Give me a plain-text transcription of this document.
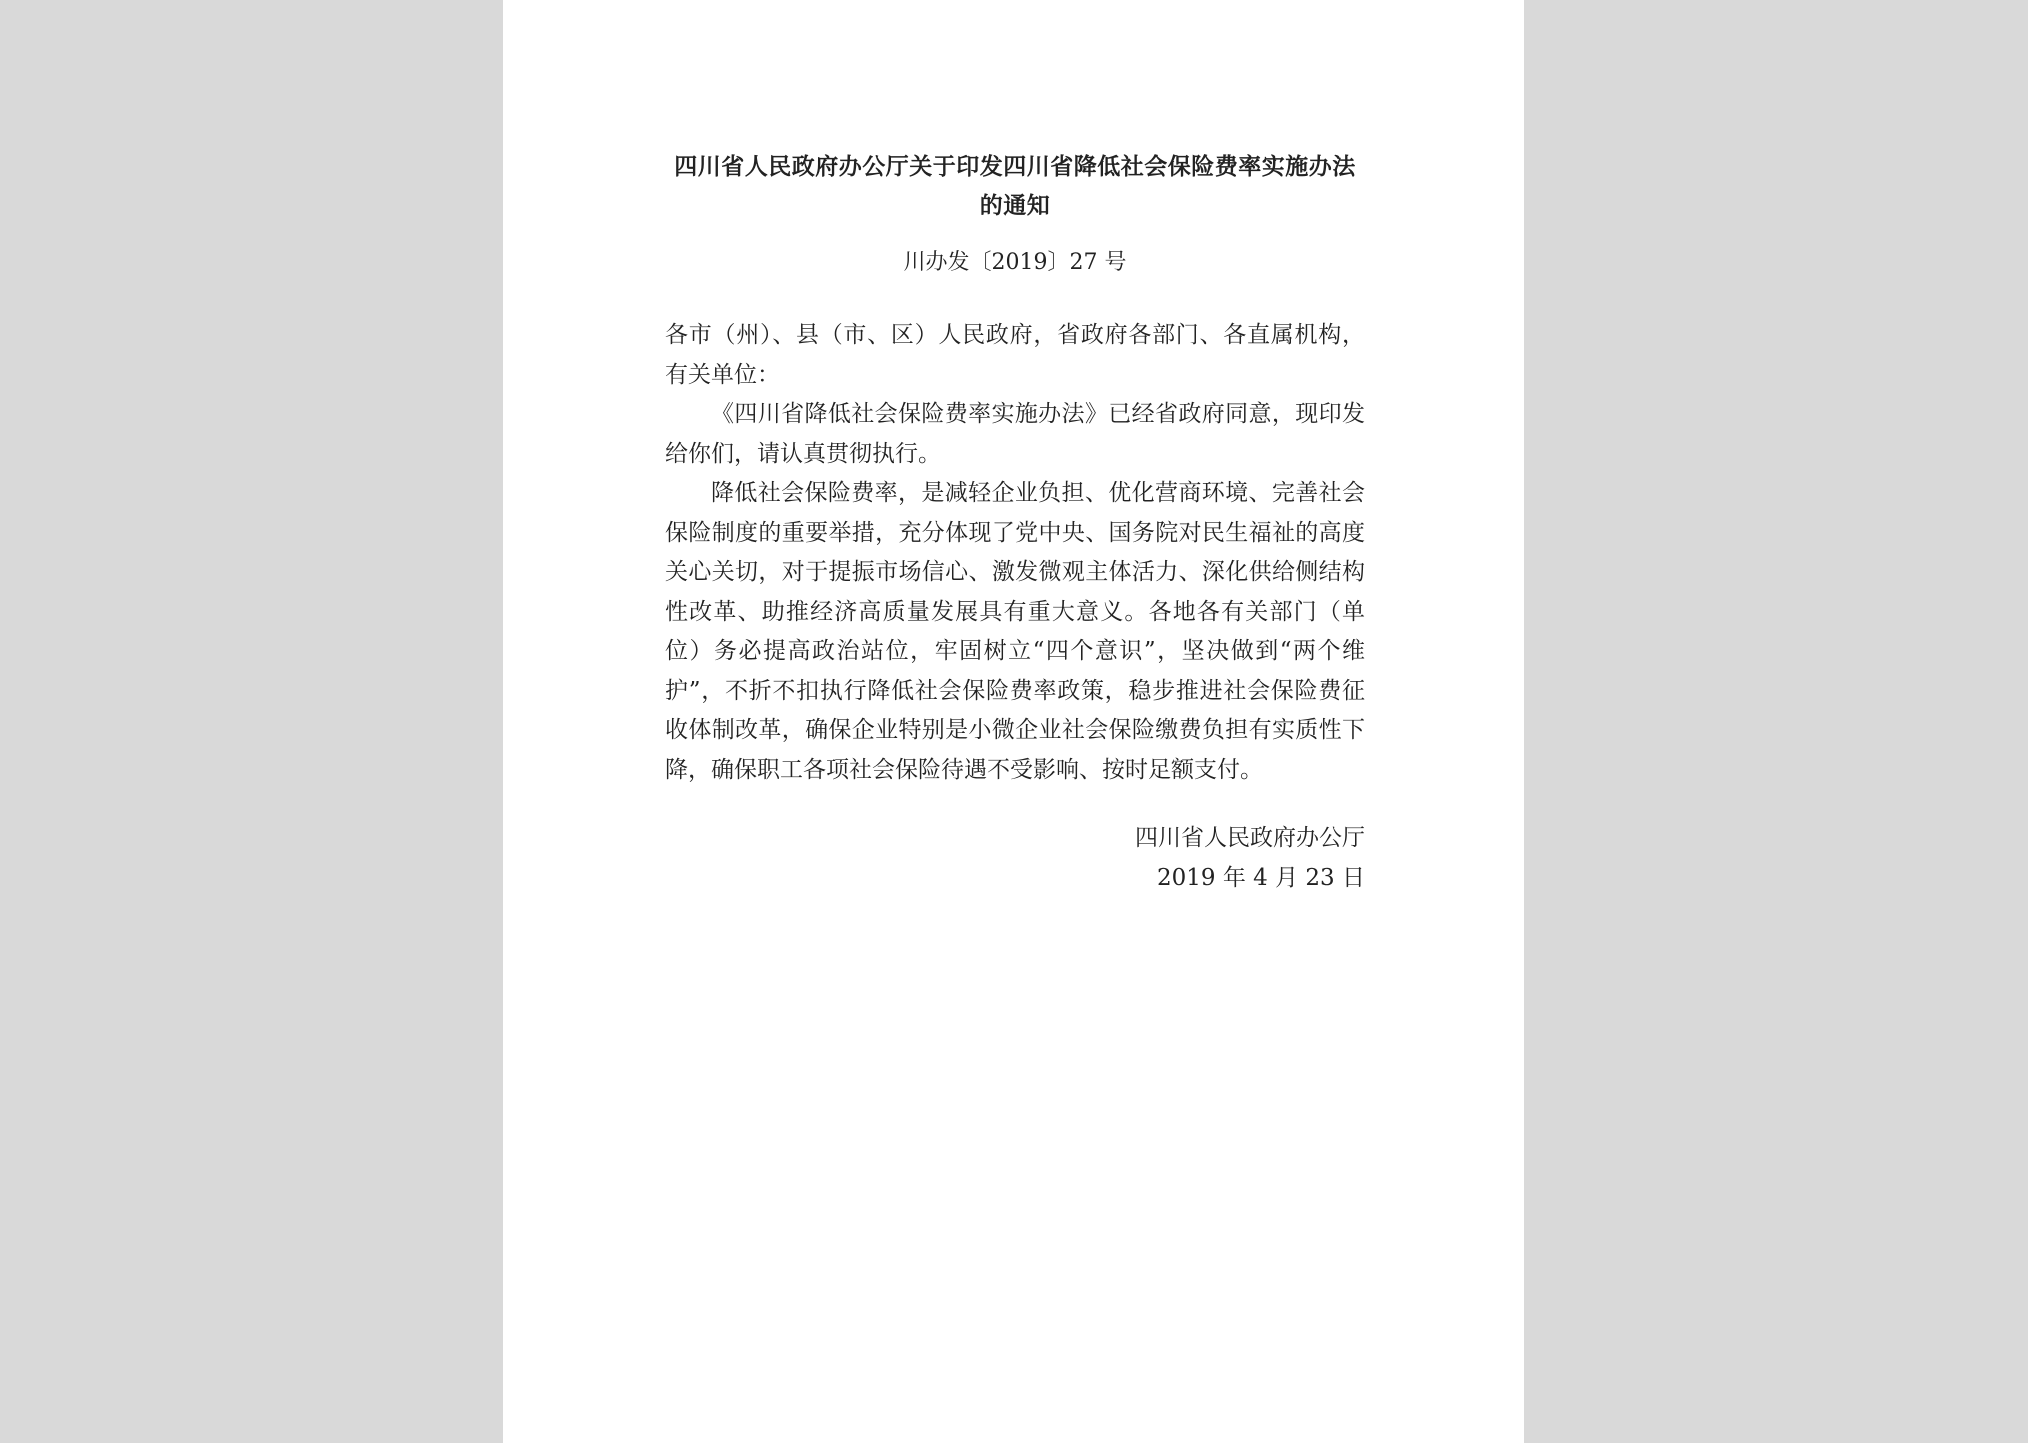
四川省人民政府办公厅关于印发四川省降低社会保险费率实施办法
的通知
川办发〔2019〕27 号

各市（州）、县（市、区）人民政府，省政府各部门、各直属机构，有关单位：

《四川省降低社会保险费率实施办法》已经省政府同意，现印发给你们，请认真贯彻执行。

降低社会保险费率，是减轻企业负担、优化营商环境、完善社会保险制度的重要举措，充分体现了党中央、国务院对民生福祉的高度关心关切，对于提振市场信心、激发微观主体活力、深化供给侧结构性改革、助推经济高质量发展具有重大意义。各地各有关部门（单位）务必提高政治站位，牢固树立“四个意识”，坚决做到“两个维护”，不折不扣执行降低社会保险费率政策，稳步推进社会保险费征收体制改革，确保企业特别是小微企业社会保险缴费负担有实质性下降，确保职工各项社会保险待遇不受影响、按时足额支付。

四川省人民政府办公厅
2019 年 4 月 23 日
